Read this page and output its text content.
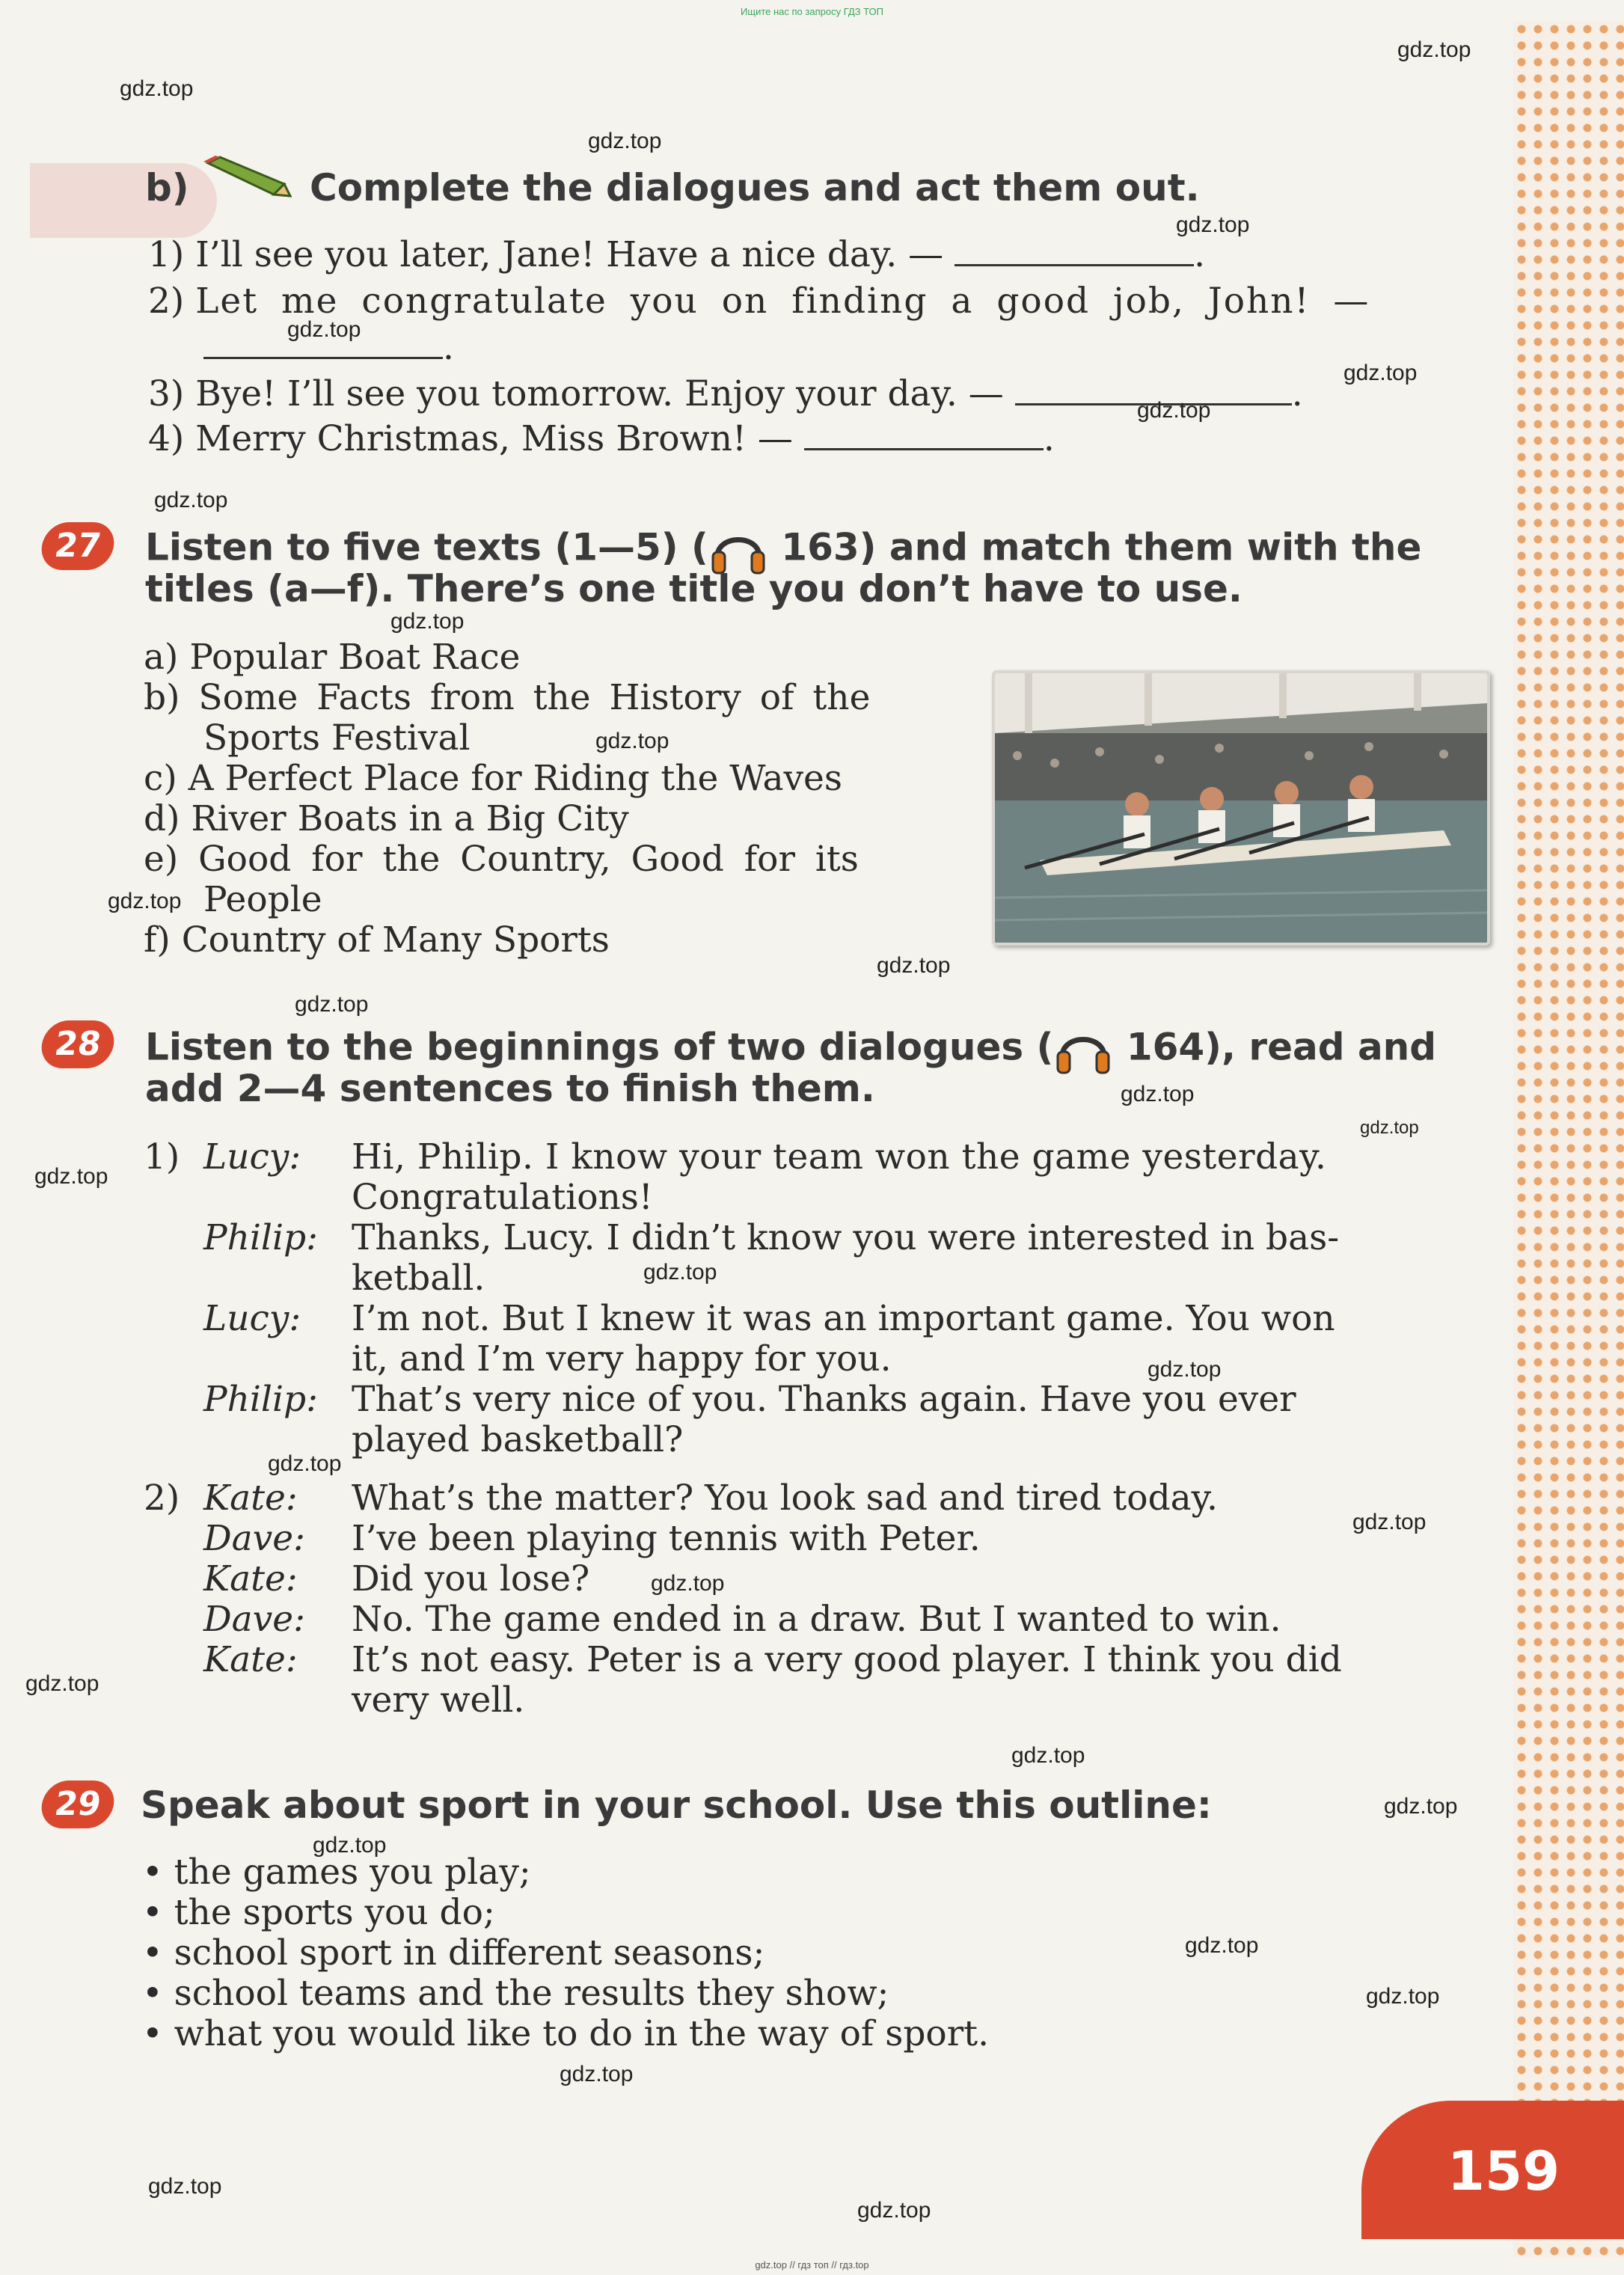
Ищите нас по запросу ГДЗ ТОП
b)	Complete the dialogues and act them out.
1) I’ll see you later, Jane! Have a nice day. —	.
2) Let me congratulate you on finding a good job, John! —
.
3) Bye! I’ll see you tomorrow. Enjoy your day. —	.
4) Merry Christmas, Miss Brown! —	.
27	Listen to five texts (1—5) ( 163) and match them with the
titles (a—f). There’s one title you don’t have to use.
a) Popular Boat Race
b) Some Facts from the History of the
Sports Festival
c) A Perfect Place for Riding the Waves
d) River Boats in a Big City
e) Good for the Country, Good for its
People
f) Country of Many Sports
28	Listen to the beginnings of two dialogues ( 164), read and
add 2—4 sentences to finish them.
1) Lucy: Hi, Philip. I know your team won the game yesterday.
Congratulations!
Philip: Thanks, Lucy. I didn’t know you were interested in bas-
ketball.
Lucy: I’m not. But I knew it was an important game. You won
it, and I’m very happy for you.
Philip: That’s very nice of you. Thanks again. Have you ever
played basketball?
2) Kate: What’s the matter? You look sad and tired today.
Dave: I’ve been playing tennis with Peter.
Kate: Did you lose?
Dave: No. The game ended in a draw. But I wanted to win.
Kate: It’s not easy. Peter is a very good player. I think you did
very well.
29 Speak about sport in your school. Use this outline:
• the games you play;
• the sports you do;
• school sport in different seasons;
• school teams and the results they show;
• what you would like to do in the way of sport.
159
gdz.top
gdz.top
gdz.top
gdz.top
gdz.top
gdz.top
gdz.top
gdz.top
gdz.top
gdz.top
gdz.top
gdz.top
gdz.top
gdz.top
gdz.top
gdz.top
gdz.top
gdz.top
gdz.top
gdz.top
gdz.top
gdz.top
gdz.top
gdz.top
gdz.top
gdz.top
gdz.top
gdz.top
gdz.top
gdz.top
gdz.top // гдз топ // гдз.top
